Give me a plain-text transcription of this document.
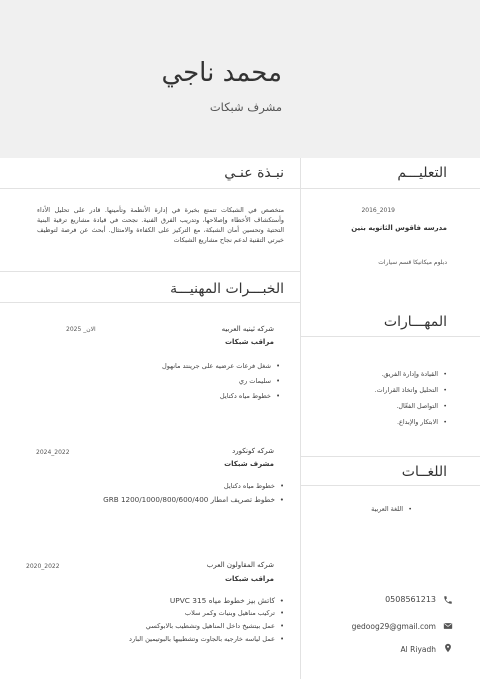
محمد ناجي
مشرف شبكات
التعليـــم
2019_2016
مدرسه فاقوس الثانويه بنين
دبلوم ميكانيكا قسم سيارات
المهـــارات
• القيادة وإدارة الفريق.
• التحليل واتخاذ القرارات.
• التواصل الفعّال.
• الابتكار والإبداع.
اللغــات
• اللغة العربية
0508561213
gedoog29@gmail.com
Al Riyadh
نبـذة عنـي
متخصص في الشبكات تتمتع بخبرة في إدارة الأنظمة وتأمينها. قادر على تحليل الأداء وأستكشاف الأخطاء وإصلاحها، وتدريب الفرق الفنية. نجحت في قيادة مشاريع ترقية البنية التحتية وتحسين أمان الشبكة، مع التركيز على الكفاءة والامتثال. أبحث عن فرصة لتوظيف خبرتي التقنية لدعم نجاح مشاريع الشبكات
الخبـــرات المهنيـــة
شركه ثينيه العربيه
مراقب شبكات
الان_ 2025
• شغل فرعات عرضيه على جرينتد مانهول
• سليمات ري
• خطوط مياه دكتايل
شركه كونكورد
مشرف شبكات
2022_2024
• خطوط مياه دكتايل
• خطوط تصريف امطار 1200/1000/800/600/400 GRB
شركه المقاولون العرب
مراقب شبكات
2022_2020
• كاتش بيز خطوط مياه UPVC 315
• تركيب مناهيل وبنيات وكمر سلاب
• عمل بيتشيخ داخل المناهيل وتشطيب بالابوكسي
• عمل لياسه خارجيه بالجاوت وتشطيبها بالبوتيمين البارد
